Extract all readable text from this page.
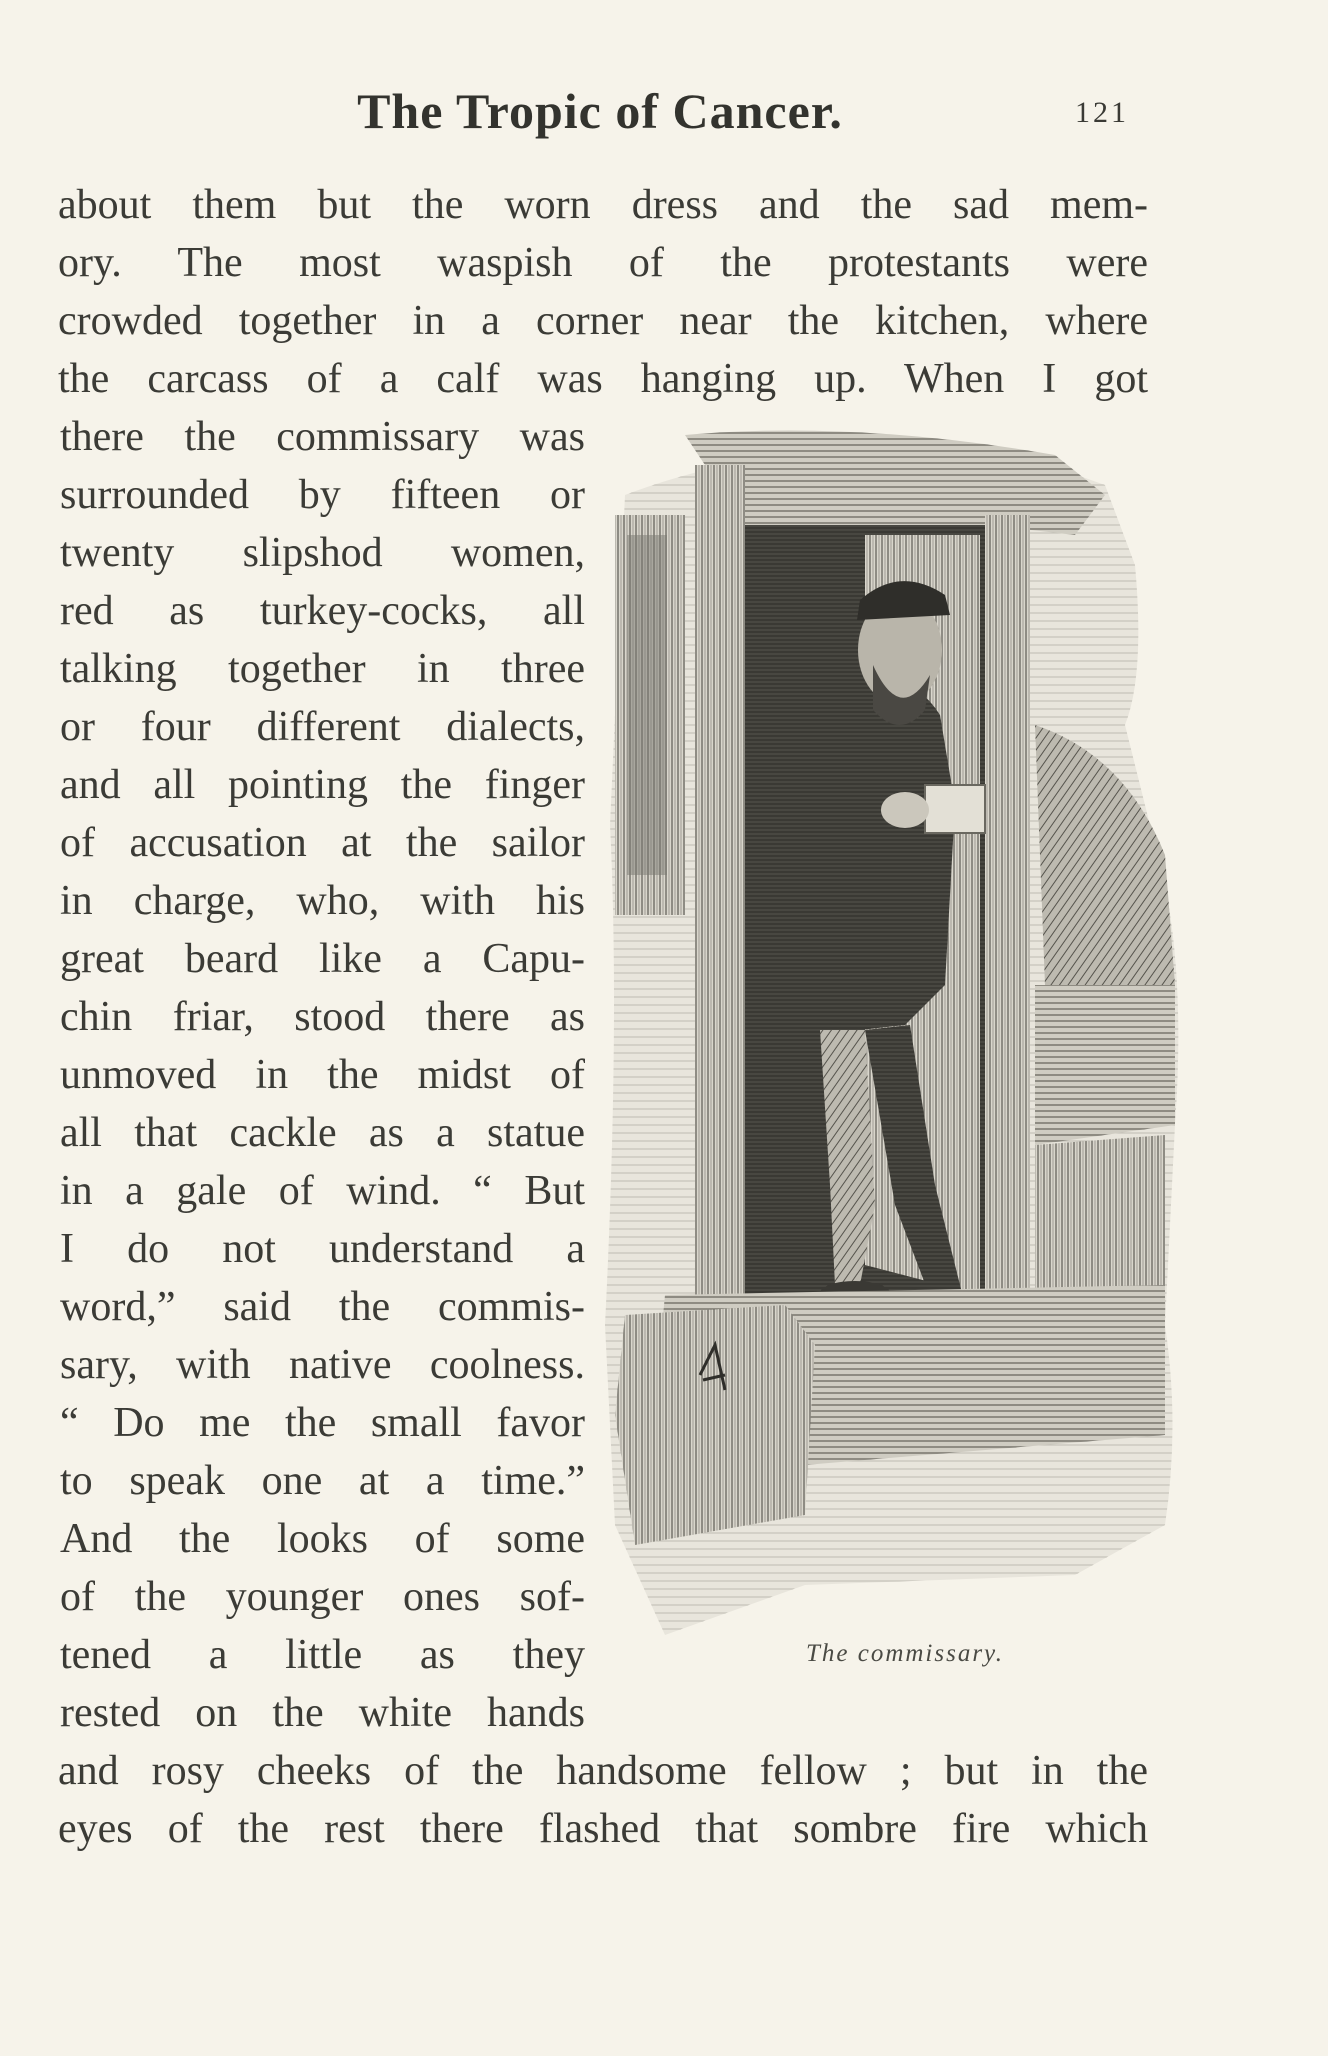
The Tropic of Cancer.	121
about them but the worn dress and the sad mem-
ory. The most waspish of the protestants were
crowded together in a corner near the kitchen, where
the carcass of a calf was hanging up. When I got
there the commissary was
surrounded by fifteen or
twenty slipshod women,
red as turkey-cocks, all
talking together in three
or four different dialects,
and all pointing the finger
of accusation at the sailor
in charge, who, with his
great beard like a Capu-
chin friar, stood there as
unmoved in the midst of
all that cackle as a statue
in a gale of wind. “ But
I do not understand a
word,” said the commis-
sary, with native coolness.
“ Do me the small favor
to speak one at a time.”
And the looks of some
of the younger ones sof-
tened a little as they
rested on the white hands
and rosy cheeks of the handsome fellow ; but in the
eyes of the rest there flashed that sombre fire which
The commissary.
